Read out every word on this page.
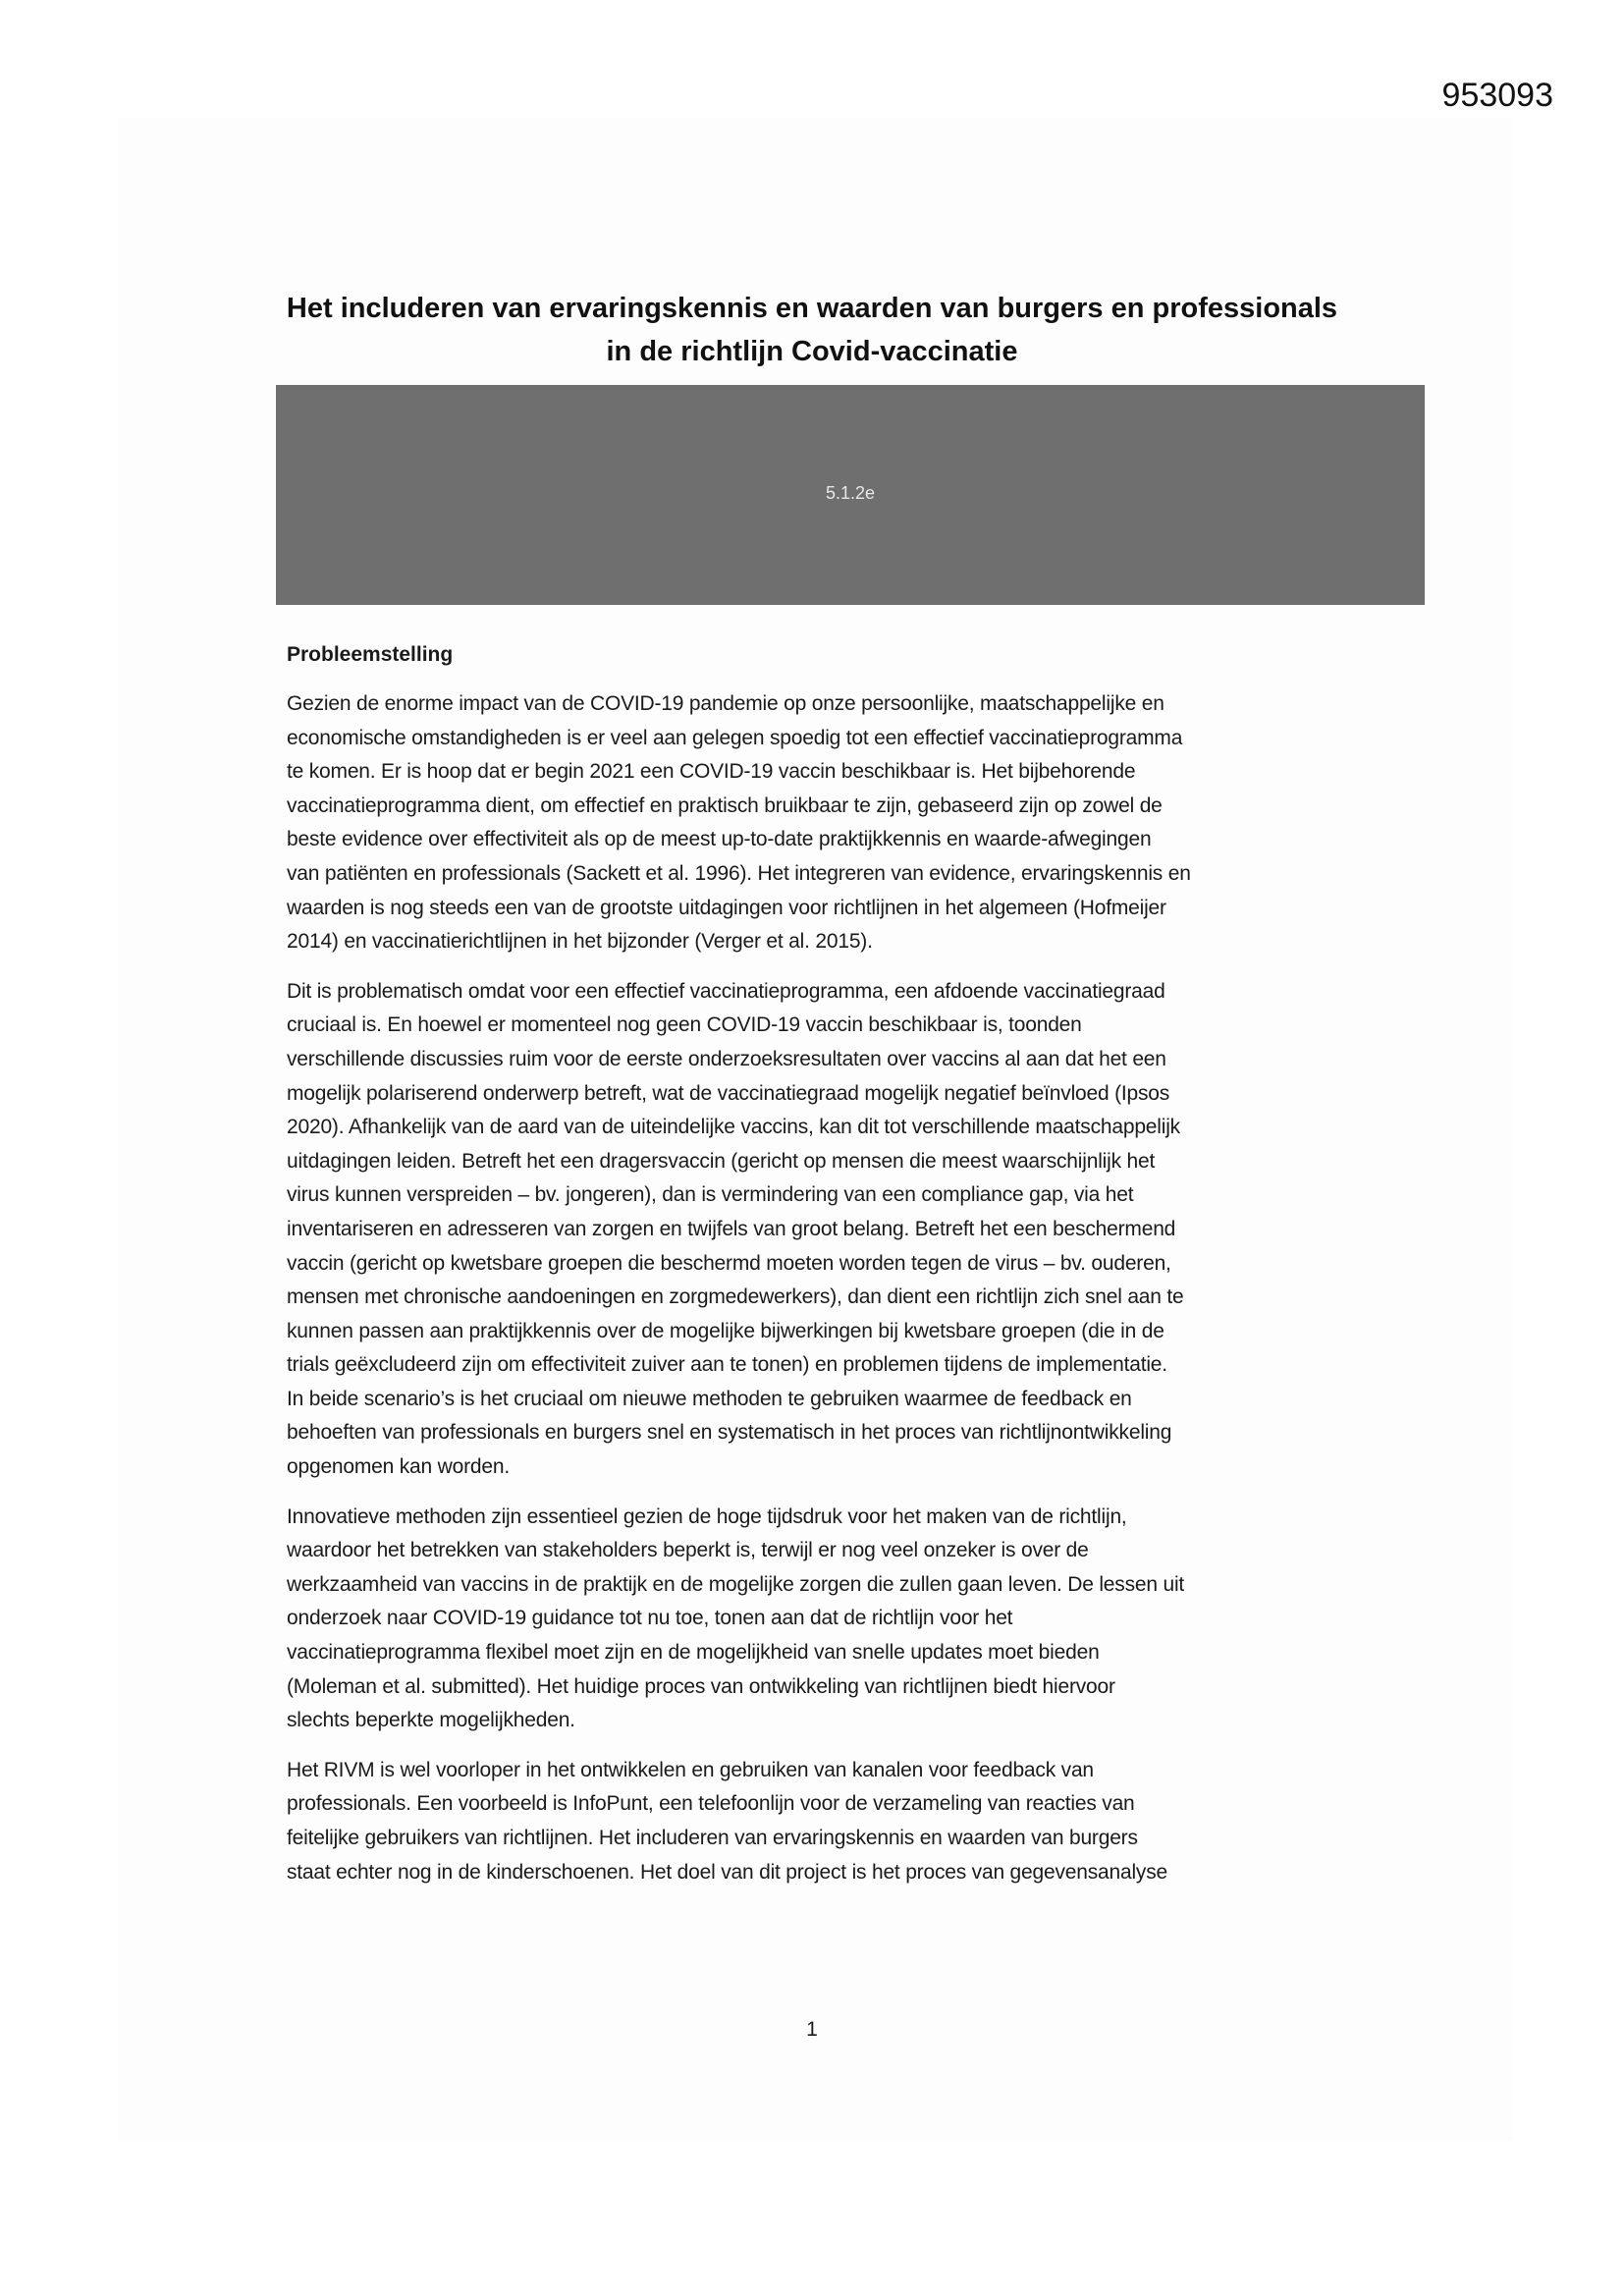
953093
Het includeren van ervaringskennis en waarden van burgers en professionals
in de richtlijn Covid-vaccinatie
5.1.2e
Probleemstelling
Gezien de enorme impact van de COVID-19 pandemie op onze persoonlijke, maatschappelijke en
economische omstandigheden is er veel aan gelegen spoedig tot een effectief vaccinatieprogramma
te komen. Er is hoop dat er begin 2021 een COVID-19 vaccin beschikbaar is. Het bijbehorende
vaccinatieprogramma dient, om effectief en praktisch bruikbaar te zijn, gebaseerd zijn op zowel de
beste evidence over effectiviteit als op de meest up-to-date praktijkkennis en waarde-afwegingen
van patiënten en professionals (Sackett et al. 1996). Het integreren van evidence, ervaringskennis en
waarden is nog steeds een van de grootste uitdagingen voor richtlijnen in het algemeen (Hofmeijer
2014) en vaccinatierichtlijnen in het bijzonder (Verger et al. 2015).
Dit is problematisch omdat voor een effectief vaccinatieprogramma, een afdoende vaccinatiegraad
cruciaal is. En hoewel er momenteel nog geen COVID-19 vaccin beschikbaar is, toonden
verschillende discussies ruim voor de eerste onderzoeksresultaten over vaccins al aan dat het een
mogelijk polariserend onderwerp betreft, wat de vaccinatiegraad mogelijk negatief beïnvloed (Ipsos
2020). Afhankelijk van de aard van de uiteindelijke vaccins, kan dit tot verschillende maatschappelijk
uitdagingen leiden. Betreft het een dragersvaccin (gericht op mensen die meest waarschijnlijk het
virus kunnen verspreiden – bv. jongeren), dan is vermindering van een compliance gap, via het
inventariseren en adresseren van zorgen en twijfels van groot belang. Betreft het een beschermend
vaccin (gericht op kwetsbare groepen die beschermd moeten worden tegen de virus – bv. ouderen,
mensen met chronische aandoeningen en zorgmedewerkers), dan dient een richtlijn zich snel aan te
kunnen passen aan praktijkkennis over de mogelijke bijwerkingen bij kwetsbare groepen (die in de
trials geëxcludeerd zijn om effectiviteit zuiver aan te tonen) en problemen tijdens de implementatie.
In beide scenario’s is het cruciaal om nieuwe methoden te gebruiken waarmee de feedback en
behoeften van professionals en burgers snel en systematisch in het proces van richtlijnontwikkeling
opgenomen kan worden.
Innovatieve methoden zijn essentieel gezien de hoge tijdsdruk voor het maken van de richtlijn,
waardoor het betrekken van stakeholders beperkt is, terwijl er nog veel onzeker is over de
werkzaamheid van vaccins in de praktijk en de mogelijke zorgen die zullen gaan leven. De lessen uit
onderzoek naar COVID-19 guidance tot nu toe, tonen aan dat de richtlijn voor het
vaccinatieprogramma flexibel moet zijn en de mogelijkheid van snelle updates moet bieden
(Moleman et al. submitted). Het huidige proces van ontwikkeling van richtlijnen biedt hiervoor
slechts beperkte mogelijkheden.
Het RIVM is wel voorloper in het ontwikkelen en gebruiken van kanalen voor feedback van
professionals. Een voorbeeld is InfoPunt, een telefoonlijn voor de verzameling van reacties van
feitelijke gebruikers van richtlijnen. Het includeren van ervaringskennis en waarden van burgers
staat echter nog in de kinderschoenen. Het doel van dit project is het proces van gegevensanalyse
1
